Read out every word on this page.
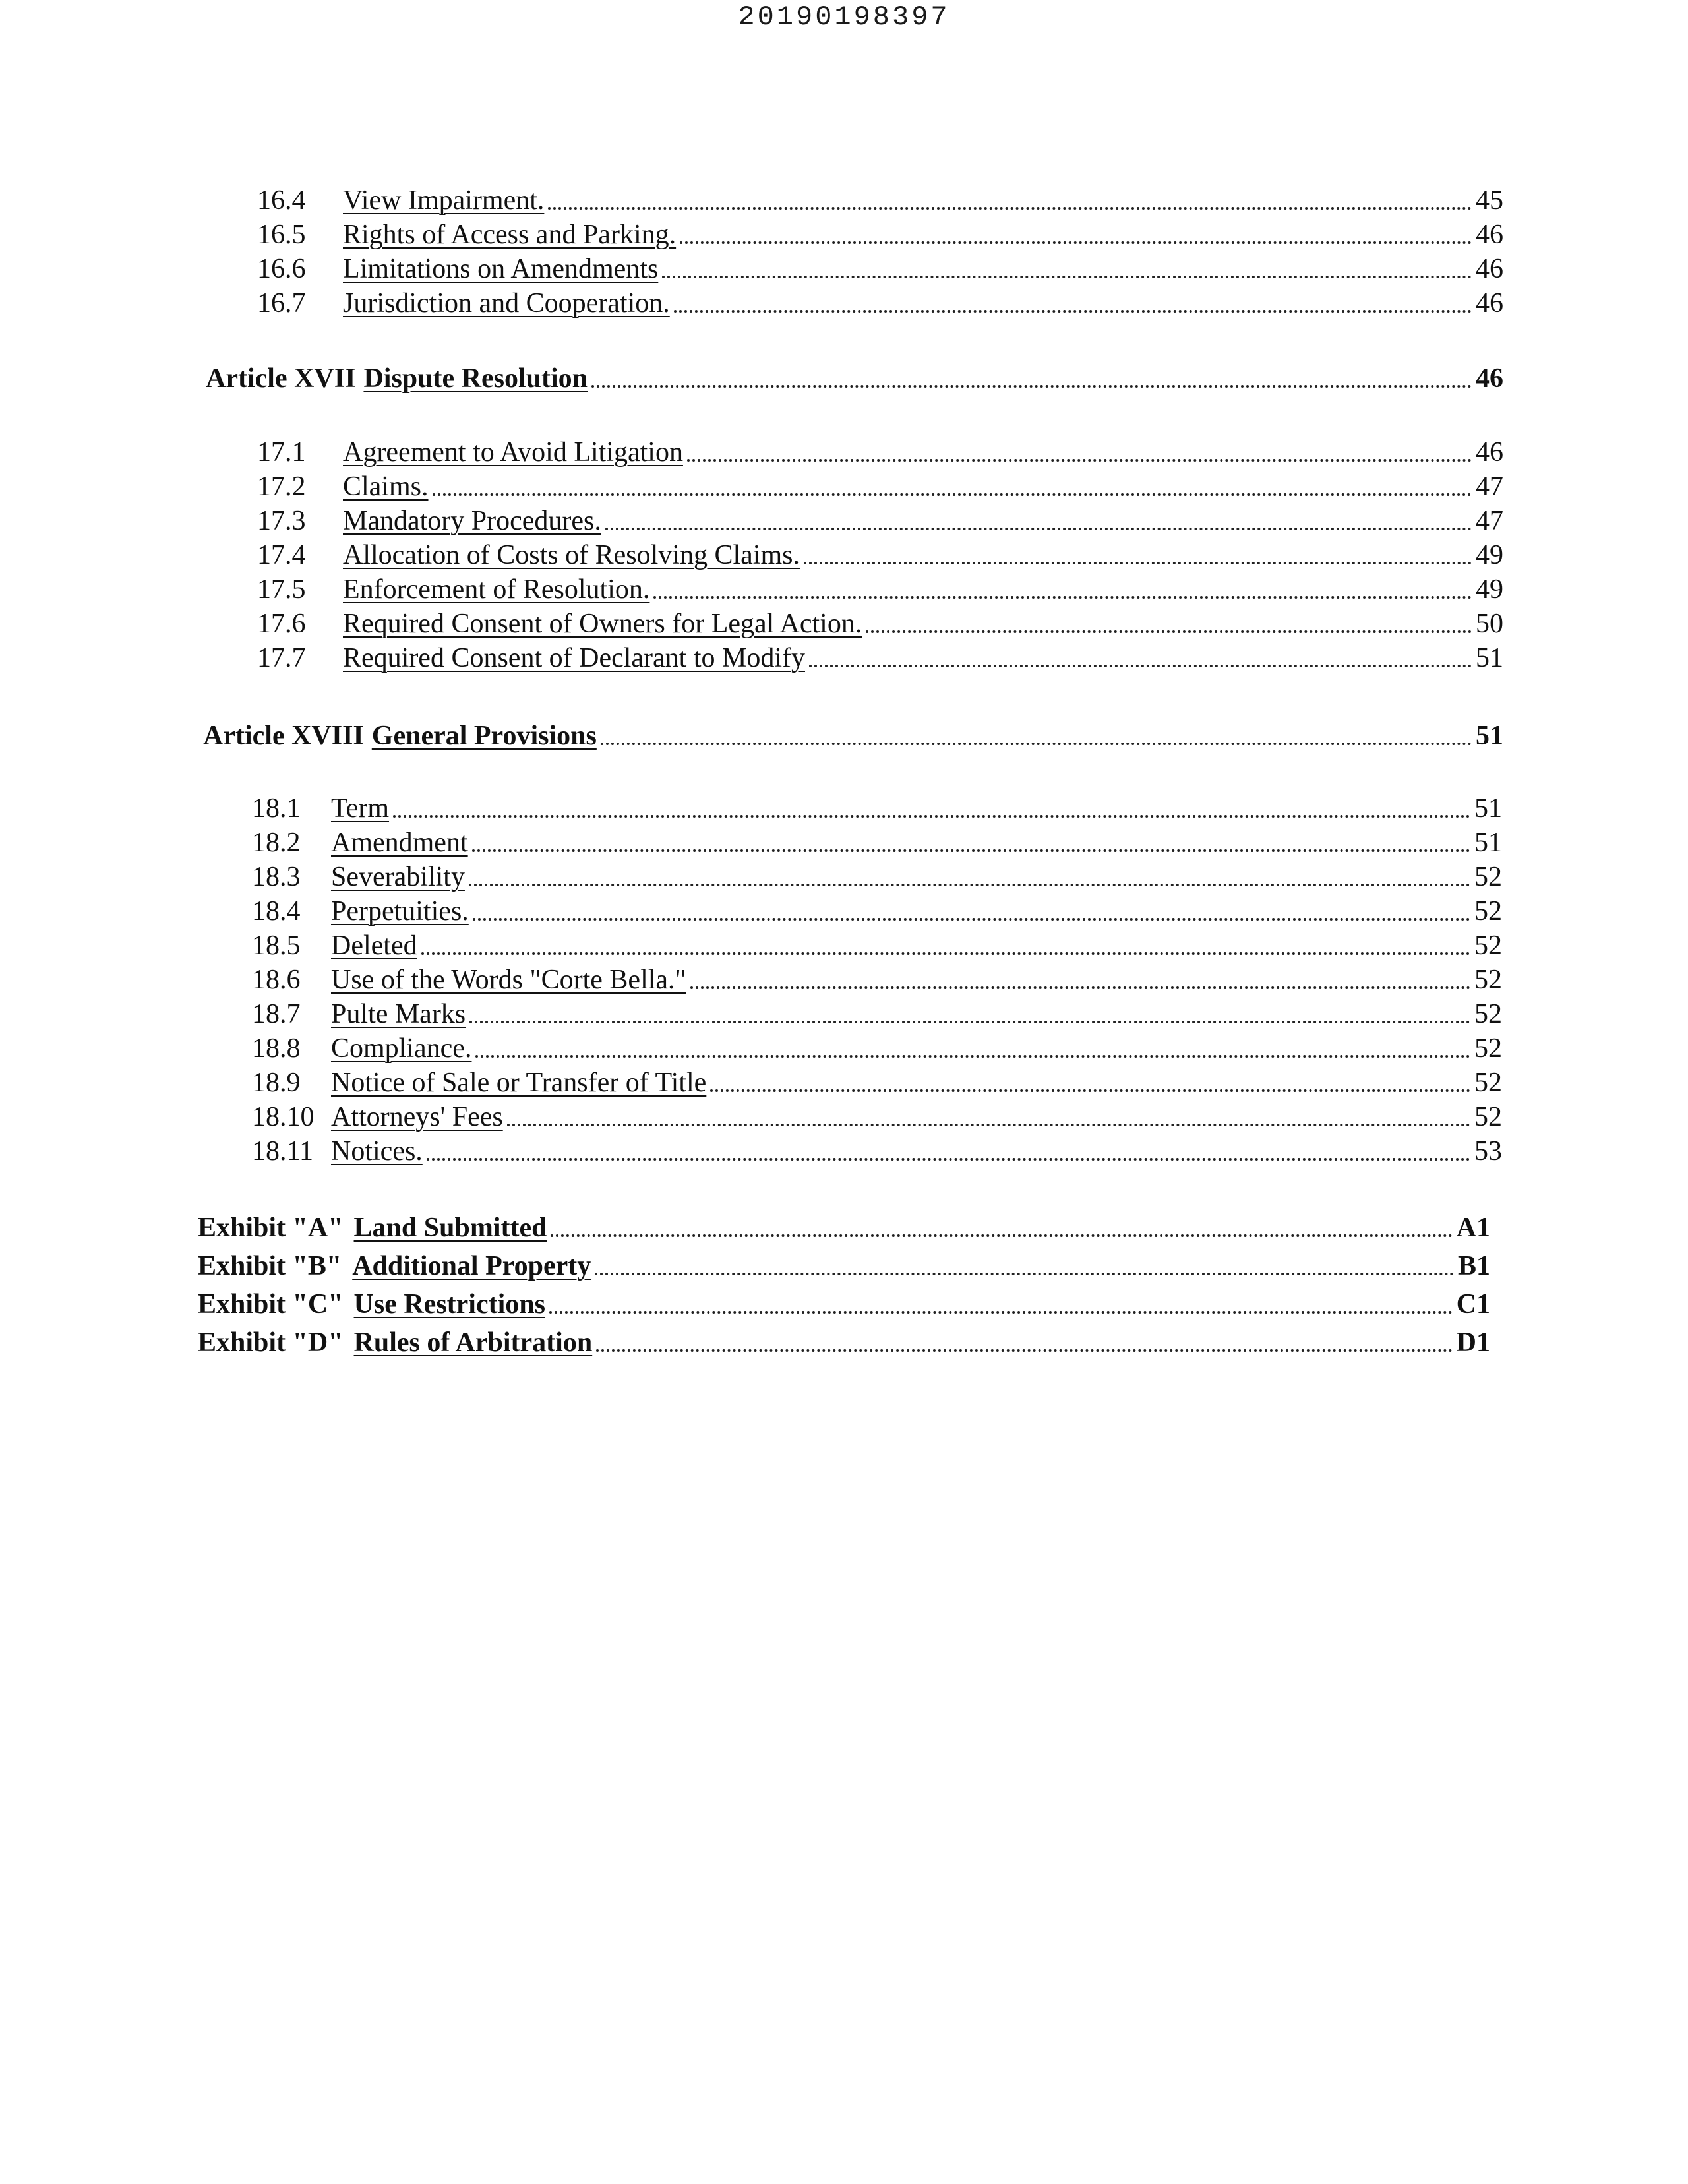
20190198397
16.4	View Impairment.	45
16.5	Rights of Access and Parking.	46
16.6	Limitations on Amendments	46
16.7	Jurisdiction and Cooperation.	46
Article XVII Dispute Resolution	46
17.1	Agreement to Avoid Litigation	46
17.2	Claims.	47
17.3	Mandatory Procedures.	47
17.4	Allocation of Costs of Resolving Claims.	49
17.5	Enforcement of Resolution.	49
17.6	Required Consent of Owners for Legal Action.	50
17.7	Required Consent of Declarant to Modify	51
Article XVIII General Provisions	51
18.1	Term	51
18.2	Amendment	51
18.3	Severability	52
18.4	Perpetuities.	52
18.5	Deleted	52
18.6	Use of the Words "Corte Bella."	52
18.7	Pulte Marks	52
18.8	Compliance.	52
18.9	Notice of Sale or Transfer of Title	52
18.10 Attorneys' Fees	52
18.11 Notices.	53
Exhibit "A" Land Submitted	A1
Exhibit "B" Additional Property	B1
Exhibit "C" Use Restrictions	C1
Exhibit "D" Rules of Arbitration	D1
